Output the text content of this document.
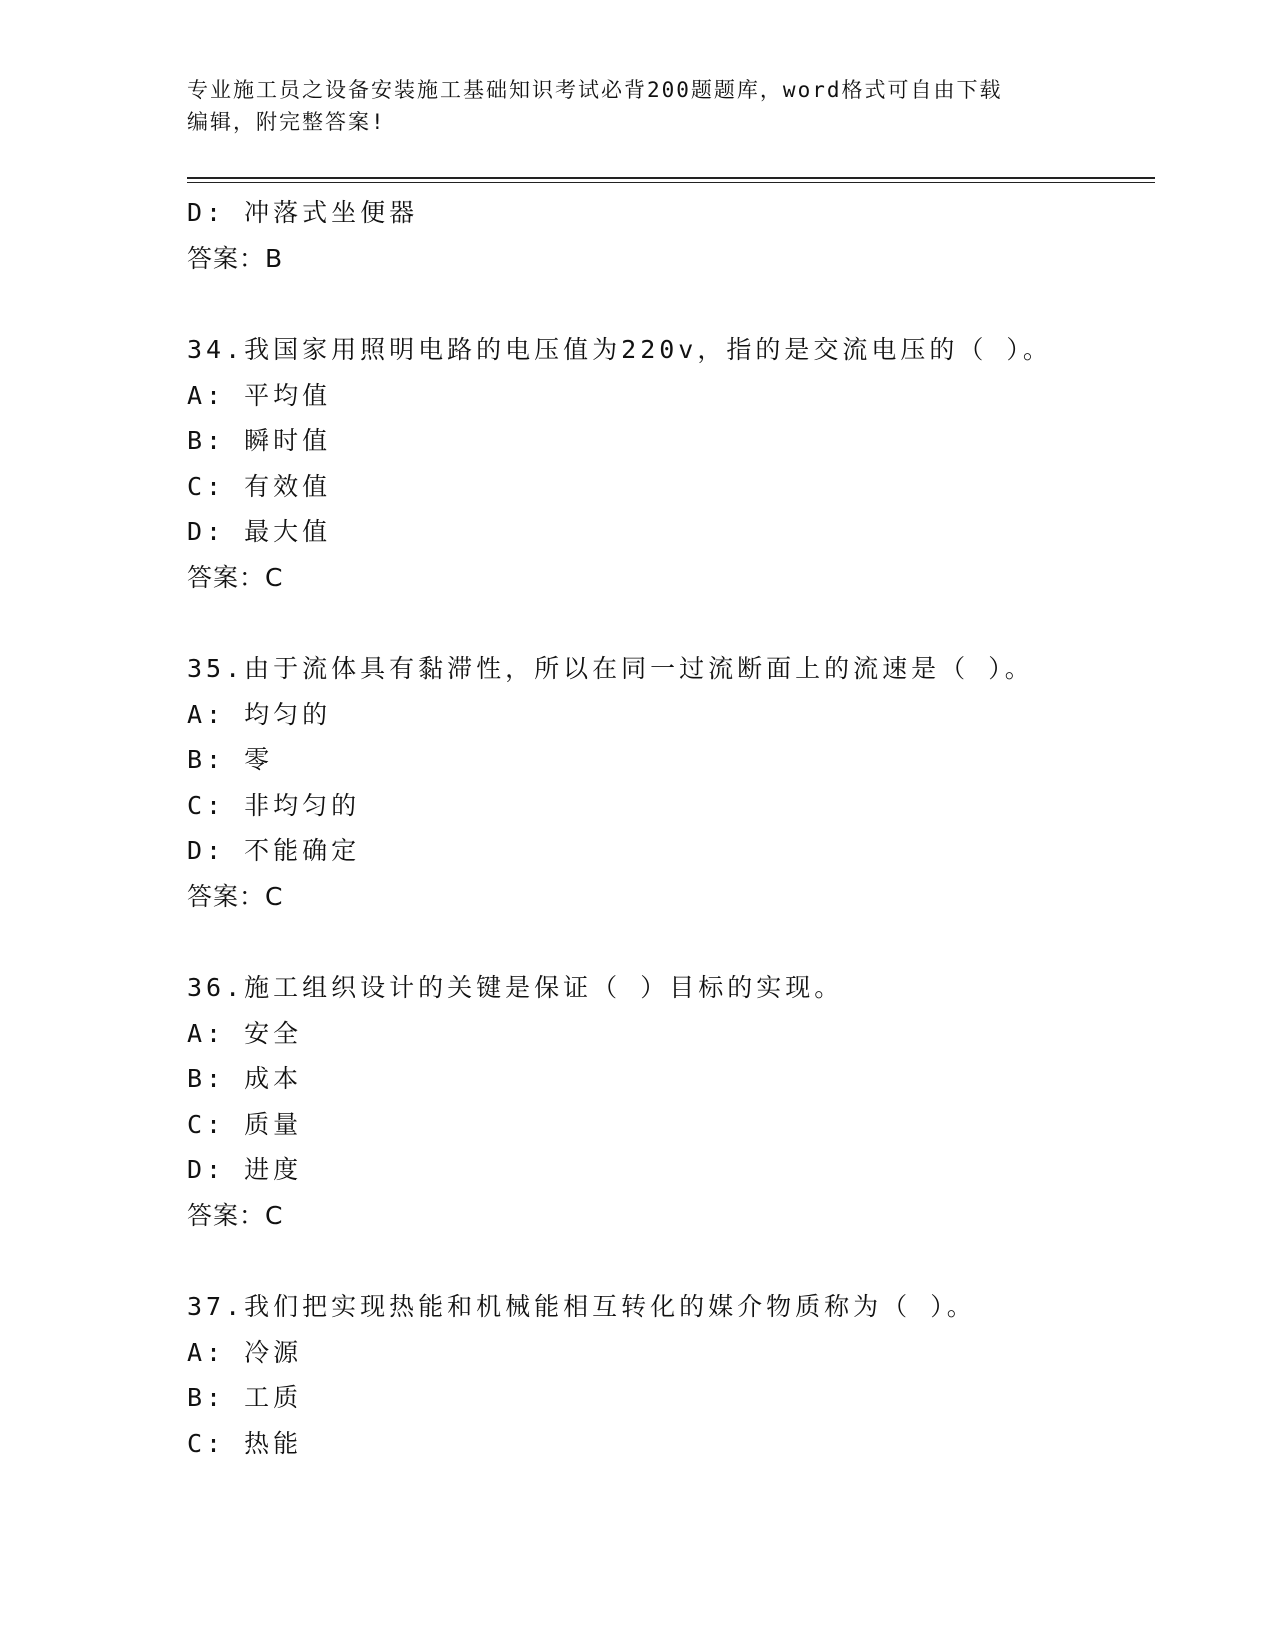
专业施工员之设备安装施工基础知识考试必背200题题库，word格式可自由下载
编辑，附完整答案!
D: 冲落式坐便器
答案：B
34.我国家用照明电路的电压值为220v，指的是交流电压的（ ）。
A: 平均值
B: 瞬时值
C: 有效值
D: 最大值
答案：C
35.由于流体具有黏滞性，所以在同一过流断面上的流速是（ ）。
A: 均匀的
B: 零
C: 非均匀的
D: 不能确定
答案：C
36.施工组织设计的关键是保证（ ）目标的实现。
A: 安全
B: 成本
C: 质量
D: 进度
答案：C
37.我们把实现热能和机械能相互转化的媒介物质称为（ ）。
A: 冷源
B: 工质
C: 热能
